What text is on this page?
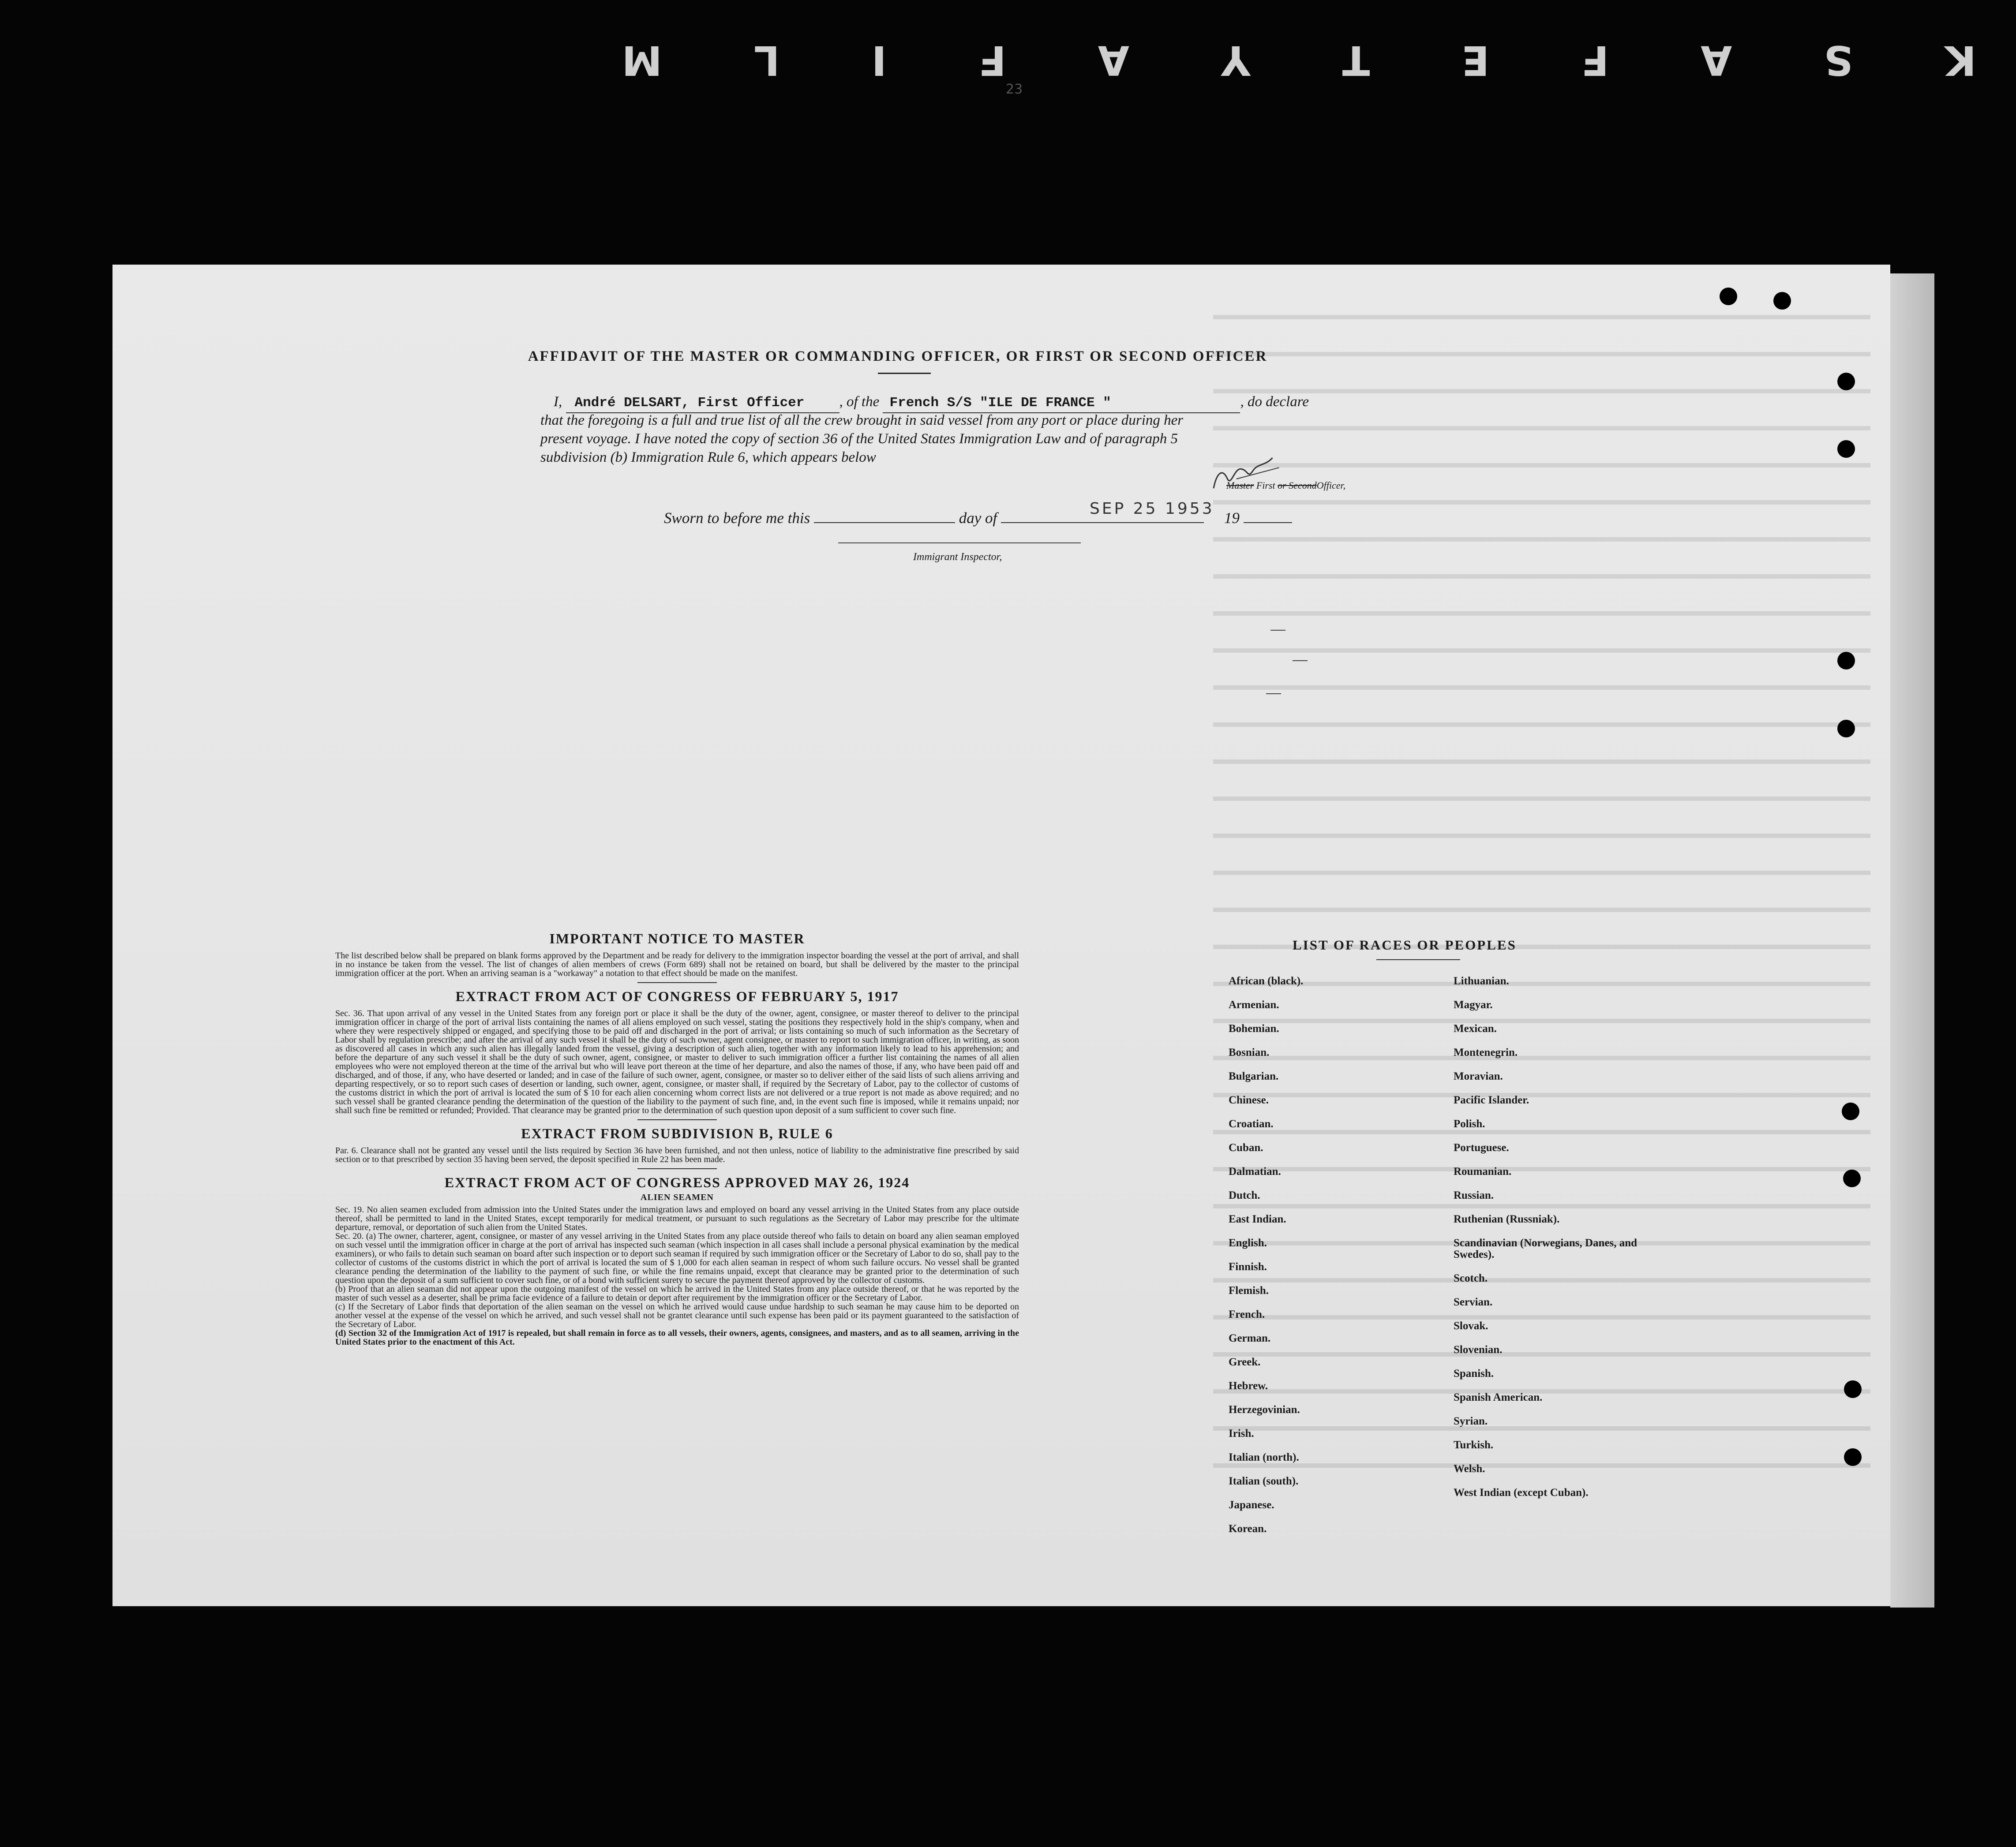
K S A F E T Y A F I L M
23
AFFIDAVIT OF THE MASTER OR COMMANDING OFFICER, OR FIRST OR SECOND OFFICER
I, André DELSART, First Officer , of the French S/S "ILE DE FRANCE "	, do declare
that the foregoing is a full and true list of all the crew brought in said vessel from any port or place during her
present voyage. I have noted the copy of section 36 of the United States Immigration Law and of paragraph 5
subdivision (b) Immigration Rule 6, which appears below
Master First or SecondOfficer,
Sworn to before me this	day of
SEP 25 1953
19
Immigrant Inspector,
IMPORTANT NOTICE TO MASTER

The list described below shall be prepared on blank forms approved by the Department and be ready for delivery to the immigration inspector boarding the vessel at the port of arrival, and shall in no instance be taken from the vessel. The list of changes of alien members of crews (Form 689) shall not be retained on board, but shall be delivered by the master to the principal immigration officer at the port. When an arriving seaman is a "workaway" a notation to that effect should be made on the manifest.

EXTRACT FROM ACT OF CONGRESS OF FEBRUARY 5, 1917

Sec. 36. That upon arrival of any vessel in the United States from any foreign port or place it shall be the duty of the owner, agent, consignee, or master thereof to deliver to the principal immigration officer in charge of the port of arrival lists containing the names of all aliens employed on such vessel, stating the positions they respectively hold in the ship's company, when and where they were respectively shipped or engaged, and specifying those to be paid off and discharged in the port of arrival; or lists containing so much of such information as the Secretary of Labor shall by regulation prescribe; and after the arrival of any such vessel it shall be the duty of such owner, agent consignee, or master to report to such immigration officer, in writing, as soon as discovered all cases in which any such alien has illegally landed from the vessel, giving a description of such alien, together with any information likely to lead to his apprehension; and before the departure of any such vessel it shall be the duty of such owner, agent, consignee, or master to deliver to such immigration officer a further list containing the names of all alien employees who were not employed thereon at the time of the arrival but who will leave port thereon at the time of her departure, and also the names of those, if any, who have been paid off and discharged, and of those, if any, who have deserted or landed; and in case of the failure of such owner, agent, consignee, or master so to deliver either of the said lists of such aliens arriving and departing respectively, or so to report such cases of desertion or landing, such owner, agent, consignee, or master shall, if required by the Secretary of Labor, pay to the collector of customs of the customs district in which the port of arrival is located the sum of $ 10 for each alien concerning whom correct lists are not delivered or a true report is not made as above required; and no such vessel shall be granted clearance pending the determination of the question of the liability to the payment of such fine, and, in the event such fine is imposed, while it remains unpaid; nor shall such fine be remitted or refunded; Provided. That clearance may be granted prior to the determination of such question upon deposit of a sum sufficient to cover such fine.

EXTRACT FROM SUBDIVISION B, RULE 6

Par. 6. Clearance shall not be granted any vessel until the lists required by Section 36 have been furnished, and not then unless, notice of liability to the administrative fine prescribed by said section or to that prescribed by section 35 having been served, the deposit specified in Rule 22 has been made.

EXTRACT FROM ACT OF CONGRESS APPROVED MAY 26, 1924
ALIEN SEAMEN

Sec. 19. No alien seamen excluded from admission into the United States under the immigration laws and employed on board any vessel arriving in the United States from any place outside thereof, shall be permitted to land in the United States, except temporarily for medical treatment, or pursuant to such regulations as the Secretary of Labor may prescribe for the ultimate departure, removal, or deportation of such alien from the United States.

Sec. 20. (a) The owner, charterer, agent, consignee, or master of any vessel arriving in the United States from any place outside thereof who fails to detain on board any alien seaman employed on such vessel until the immigration officer in charge at the port of arrival has inspected such seaman (which inspection in all cases shall include a personal physical examination by the medical examiners), or who fails to detain such seaman on board after such inspection or to deport such seaman if required by such immigration officer or the Secretary of Labor to do so, shall pay to the collector of customs of the customs district in which the port of arrival is located the sum of $ 1,000 for each alien seaman in respect of whom such failure occurs. No vessel shall be granted clearance pending the determination of the liability to the payment of such fine, or while the fine remains unpaid, except that clearance may be granted prior to the determination of such question upon the deposit of a sum sufficient to cover such fine, or of a bond with sufficient surety to secure the payment thereof approved by the collector of customs.

(b) Proof that an alien seaman did not appear upon the outgoing manifest of the vessel on which he arrived in the United States from any place outside thereof, or that he was reported by the master of such vessel as a deserter, shall be prima facie evidence of a failure to detain or deport after requirement by the immigration officer or the Secretary of Labor.

(c) If the Secretary of Labor finds that deportation of the alien seaman on the vessel on which he arrived would cause undue hardship to such seaman he may cause him to be deported on another vessel at the expense of the vessel on which he arrived, and such vessel shall not be grantet clearance until such expense has been paid or its payment guaranteed to the satisfaction of the Secretary of Labor.

(d) Section 32 of the Immigration Act of 1917 is repealed, but shall remain in force as to all vessels, their owners, agents, consignees, and masters, and as to all seamen, arriving in the United States prior to the enactment of this Act.

LIST OF RACES OR PEOPLES
African (black).
Armenian.
Bohemian.
Bosnian.
Bulgarian.
Chinese.
Croatian.
Cuban.
Dalmatian.
Dutch.
East Indian.
English.
Finnish.
Flemish.
French.
German.
Greek.
Hebrew.
Herzegovinian.
Irish.
Italian (north).
Italian (south).
Japanese.
Korean.
Lithuanian.
Magyar.
Mexican.
Montenegrin.
Moravian.
Pacific Islander.
Polish.
Portuguese.
Roumanian.
Russian.
Ruthenian (Russniak).
Scandinavian (Norwegians, Danes, and Swedes).
Scotch.
Servian.
Slovak.
Slovenian.
Spanish.
Spanish American.
Syrian.
Turkish.
Welsh.
West Indian (except Cuban).
